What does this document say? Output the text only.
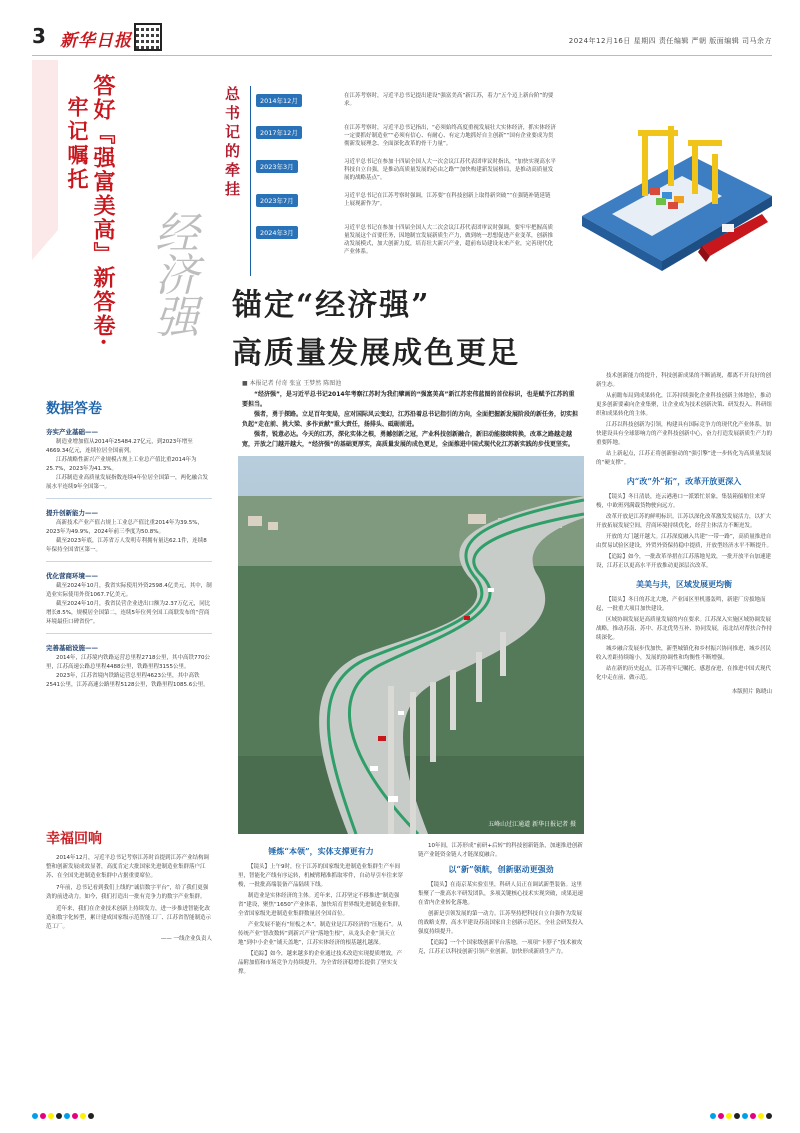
3 新华日报	2024年12月16日 星期四 责任编辑 严朝 版面编辑 司马余方
牢记嘱托 答好『强富美高』新答卷· 经济强
总书记的牵挂	2014年12月
在江苏考察时，习近平总书记提出建设“强富美高”新江苏，着力“五个迈上新台阶”的要求。
2017年12月
在江苏考察时，习近平总书记指出，“必须始终高度重视发展壮大实体经济，抓实体经济一定要抓好制造业”“必须有信心、有耐心、有定力地抓好自主创新”“国有企业要成为贯彻新发展理念、全面深化改革的骨干力量”。
2023年3月
习近平总书记在参加十四届全国人大一次会议江苏代表团审议时指出，“加快实现高水平科技自立自强，是推动高质量发展的必由之路”“加快构建新发展格局，是推动高质量发展的战略基点”。
2023年7月
习近平总书记在江苏考察时强调，江苏要“在科技创新上取得新突破”“在强链补链延链上展现新作为”。
2024年3月
习近平总书记在参加十四届全国人大二次会议江苏代表团审议时强调，要牢牢把握高质量发展这个首要任务，因地制宜发展新质生产力，做到统一思想促进产业变革，创新推动发展模式，加大创新力度，培育壮大新兴产业，超前布局建设未来产业，完善现代化产业体系。
锚定“经济强”
高质量发展成色更足
数据答卷
夯实产业基础——

制造业增加值从2014年25484.27亿元，到2023年增至4669.34亿元，连续位居全国前列。

江苏战略性新兴产业规模占规上工业总产值比重2014年为25.7%，2023年为41.3%。

江苏制造业高质量发展指数连续4年位居全国第一，两化融合发展水平连续9年全国第一。

提升创新能力——

高新技术产业产值占规上工业总产值比重2014年为39.5%，2023年为49.9%，2024年前三季度为50.8%。

截至2023年底，江苏省万人发明专利拥有量达62.1件，连续8年保持全国省区第一。

优化营商环境——

截至2024年10月，我省实际使用外资2598.4亿美元，其中，制造业实际使用外资1067.7亿美元。

截至2024年10月，我省民营企业进出口额为2.37万亿元，同比增长8.5%，规模居全国第二，连续5年位列全国工商联发布的“营商环境最佳口碑省份”。

完善基础设施——

2014年，江苏境内铁路运营总里程2718公里，其中高铁770公里，江苏高速公路总里程4488公里，铁路里程3155公里。

2023年，江苏省境内铁路运营总里程4623公里，其中高铁2541公里，江苏高速公路里程5128公里，铁路里程1085.6公里。

幸福回响

2014年12月，习近平总书记考察江苏时首提到江苏产业结构调整和创新发展成效显著，高度肯定大批国家先进制造业集群落户江苏、在全国先进制造业集群中占据重要席位。

7年前，总书记看到我们上线的“诚信数字平台”，给了我们更强劲的前进动力。如今，我们打造出一批有竞争力的数字产业集群。

近年来，我们在企业技术创新上持续发力，进一步推进智能化改造和数字化转型，累计建成国家级示范智能工厂、江苏省智能制造示范工厂。

—— 一线企业负责人

■ 本报记者 付奇 张宣 王梦然 陈图池

“经济强”，是习近平总书记2014年考察江苏时为我们擘画的“强富美高”新江苏宏伟蓝图的首位标识，也是赋予江苏的重要担当。

强者，勇于探路。立足百年变局，应对国际风云变幻，江苏沿着总书记指引的方向，全面把握新发展阶段的新任务，切实担负起“走在前、挑大梁、多作贡献”重大责任，扬排头、砥砺前进。

强者，锐意必达。今天的江苏，深化实体之根，勇撼创新之冠，产业科技创新融合，新旧动能接续转换，改革之路越走越宽，开放之门越开越大，“经济强”的基础更厚实，高质量发展的成色更足，全面推进中国式现代化江苏新实践的步伐更坚实。

五峰山过江通道 新华日报记者 摄
锤炼“本领”，实体支撑更有力

【镜头】上午9时，位于江苏的国家级先进制造业集群生产车间里，智能化产线有序运转，机械臂精准抓取零件，自动导引车往来穿梭，一批批高端装备产品陆续下线。

制造业是实体经济的主体。近年来，江苏坚定不移推进“制造强省”建设，聚焦“1650”产业体系，加快培育世界级先进制造业集群，全省国家级先进制造业集群数量居全国首位。

产业发展不能有“短板之木”。制造业是江苏经济的“压舱石”。从传统产业“智改数转”到新兴产业“落地生根”，从龙头企业“顶天立地”到中小企业“铺天盖地”，江苏实体经济的根基越扎越深。

【追踪】如今，越来越多的企业通过技术改造实现提质增效，产品附加值和市场竞争力持续提升，为全省经济稳增长提供了坚实支撑。

10年间，江苏形成“前研+后转”的科技创新链条，加速推进创新链产业链资金链人才链深度融合。

以“新”领航，创新驱动更强劲

【镜头】在南京某实验室里，科研人员正在调试新型装备。这里集聚了一批高水平研发团队，多项关键核心技术实现突破，成果迅速在省内企业转化落地。

创新是引领发展的第一动力。江苏坚持把科技自立自强作为发展的战略支撑，高水平建设苏南国家自主创新示范区，全社会研发投入强度持续提升。

【追踪】一个个国家级创新平台落地，一项项“卡脖子”技术被攻克，江苏正以科技创新引领产业创新，加快形成新质生产力。

技术创新能力的提升，科技创新成果的不断涌现，都离不开良好的创新生态。

从前瞻布局到成果转化，江苏持续强化企业科技创新主体地位，推动更多创新要素向企业集聚，让企业成为技术创新决策、研发投入、科研组织和成果转化的主体。

江苏以科技创新为引领，构建具有国际竞争力的现代化产业体系，加快建设具有全球影响力的产业科技创新中心，奋力打造发展新质生产力的重要阵地。

站上新起点，江苏正将创新驱动的“强引擎”进一步转化为高质量发展的“硬支撑”。

内“改”外“拓”，改革开放更深入

【镜头】冬日清晨，连云港港口一派繁忙景象，集装箱船舶往来穿梭，中欧班列满载货物驶向远方。

改革开放是江苏的鲜明标识。江苏以深化改革激发发展活力，以扩大开放拓展发展空间，营商环境持续优化，经营主体活力不断迸发。

开放的大门越开越大。江苏深度融入共建“一带一路”，高质量推进自由贸易试验区建设，外贸外资保持稳中提质，开放型经济水平不断提升。

【追踪】如今，一批改革举措在江苏落地见效，一批开放平台加速建设，江苏正以更高水平开放推动更深层次改革。

美美与共，区域发展更均衡

【镜头】冬日的苏北大地，产业园区里机器轰鸣，新建厂房拔地而起，一批重大项目加快建设。

区域协调发展是高质量发展的内在要求。江苏深入实施区域协调发展战略，推动苏南、苏中、苏北优势互补、协同发展，南北结对帮扶合作持续深化。

城乡融合发展步伐加快，新型城镇化和乡村振兴协同推进，城乡居民收入差距持续缩小，发展的协调性和均衡性不断增强。

站在新的历史起点，江苏将牢记嘱托、感恩奋进，在推进中国式现代化中走在前、做示范。

本版照片 陈晓山
